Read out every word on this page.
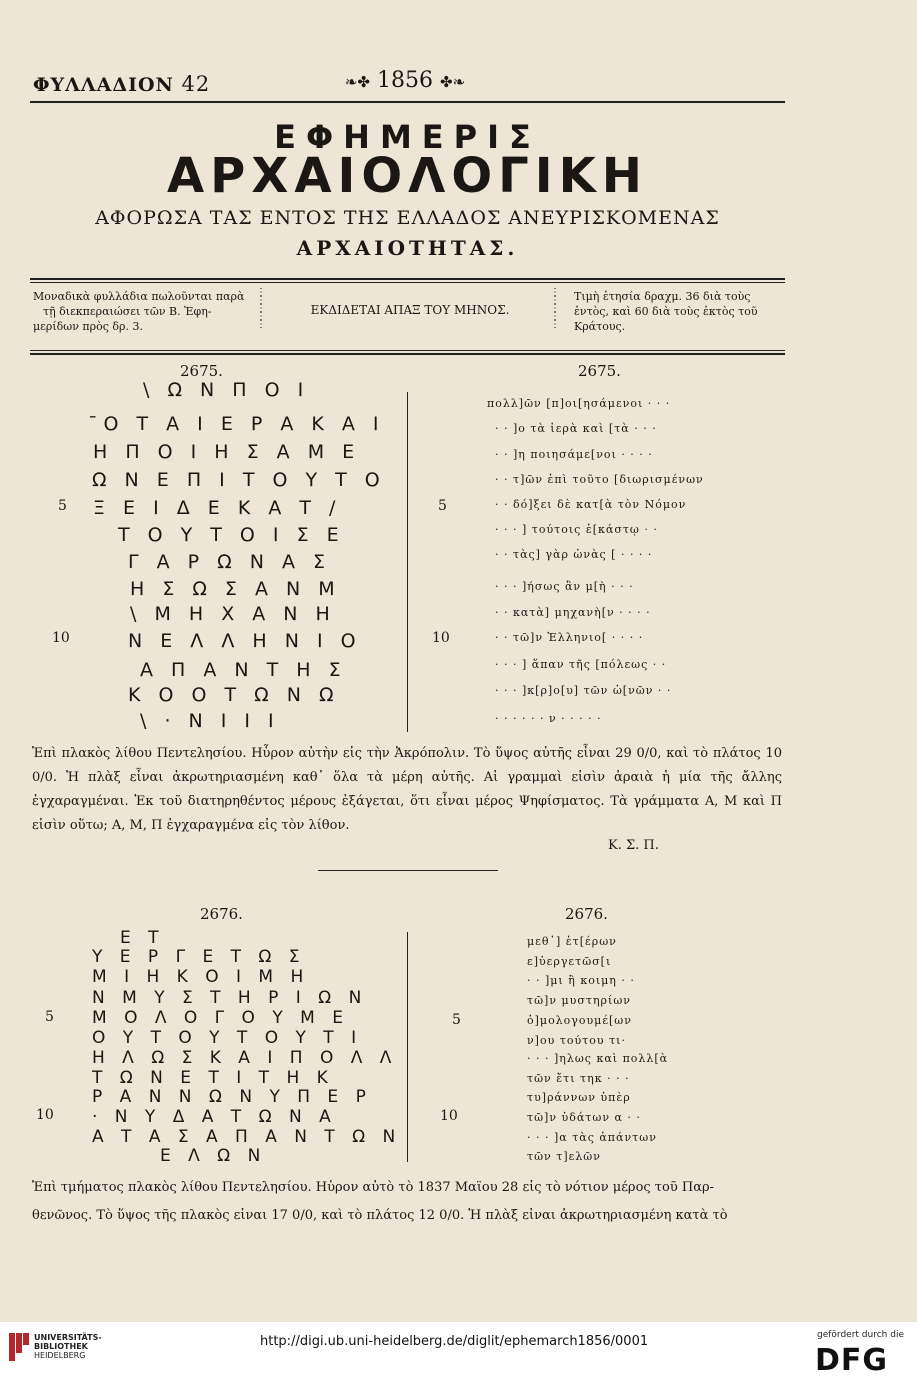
ΦΥΛΛΑΔΙΟΝ 42	❧✤ 1856 ✤❧
ΕΦΗΜΕΡΙΣ
ΑΡΧΑΙΟΛΟΓΙΚΗ
ΑΦΟΡΩΣΑ ΤΑΣ ΕΝΤΟΣ ΤΗΣ ΕΛΛΑΔΟΣ ΑΝΕΥΡΙΣΚΟΜΕΝΑΣ
ΑΡΧΑΙΟΤΗΤΑΣ.
Μοναδικὰ φυλλάδια πωλοῦνται παρὰ
τῇ διεκπεραιώσει τῶν Β. Ἐφη-
μερίδων πρὸς δρ. 3.
⋮
⋮
⋮
⋮
⋮
ΕΚΔΙΔΕΤΑΙ ΑΠΑΞ ΤΟΥ ΜΗΝΟΣ.
⋮
⋮
⋮
⋮
⋮
Τιμὴ ἐτησία δραχμ. 36 διὰ τοὺς
ἐντὸς, καὶ 60 διὰ τοὺς ἐκτὸς τοῦ
Κράτους.
2675.	2675.
5
10
5
10
\ Ω Ν Π Ο Ι
¯Ο Τ Α Ι Ε Ρ Α Κ Α Ι
Η Π Ο Ι Η Σ Α Μ Ε
Ω Ν Ε Π Ι Τ Ο Υ Τ Ο
Ξ Ε Ι Δ Ε Κ Α Τ /
Τ Ο Υ Τ Ο Ι Σ Ε
Γ Α Ρ Ω Ν Α Σ
Η Σ Ω Σ Α Ν Μ
\ Μ Η Χ Α Ν Η
Ν Ε Λ Λ Η Ν Ι Ο
Α Π Α Ν Τ Η Σ
Κ Ο Ο Τ Ω Ν Ω
\ · Ν Ι Ι Ι
πολλ]ῶν [π]οι[ησάμενοι · · ·
· · ]ο τὰ ἱερὰ καὶ [τὰ · · ·
· · ]η ποιησάμε[νοι · · · ·
· · τ]ῶν ἐπὶ τοῦτο [διωρισμένων
· · δό]ξει δὲ κατ[ὰ τὸν Νόμον
· · · ] τούτοις ἑ[κάστῳ · ·
· · τὰς] γὰρ ὠνὰς [ · · · ·
· · · ]ήσως ἂν μ[ὴ · · ·
· · κατὰ] μηχανὴ[ν · · · ·
· · τῶ]ν Ἑλληνιο[ · · · ·
· · · ] ἅπαν τῆς [πόλεως · ·
· · · ]κ[ρ]ο[υ] τῶν ὠ[νῶν · ·
· · · · · · ν · · · · ·
Ἐπὶ πλακὸς λίθου Πεντελησίου. Ηὗρον αὐτὴν εἰς τὴν Ἀκρόπολιν. Τὸ ὕψος αὐτῆς εἶναι 29 0/0, καὶ τὸ πλάτος 10 0/0. Ἡ πλὰξ εἶναι ἀκρωτηριασμένη καθ᾽ ὅλα τὰ μέρη αὐτῆς. Αἱ γραμμαὶ εἰσὶν ἀραιὰ ἡ μία τῆς ἄλλης ἐγχαραγμέναι. Ἐκ τοῦ διατηρηθέντος μέρους ἐξάγεται, ὅτι εἶναι μέρος Ψηφίσματος. Τὰ γράμματα Α, Μ καὶ Π εἰσὶν οὕτω; Α, Μ, Π ἐγχαραγμένα εἰς τὸν λίθον.
Κ. Σ. Π.
2676.	2676.
5
10
5
10
Ε Τ
Υ Ε Ρ Γ Ε Τ Ω Σ
Μ Ι Η Κ Ο Ι Μ Η
Ν Μ Υ Σ Τ Η Ρ Ι Ω Ν
Μ Ο Λ Ο Γ Ο Υ Μ Ε
Ο Υ Τ Ο Υ Τ Ο Υ Τ Ι
Η Λ Ω Σ Κ Α Ι Π Ο Λ Λ
Τ Ω Ν Ε Τ Ι Τ Η Κ
Ρ Α Ν Ν Ω Ν Υ Π Ε Ρ
· Ν Υ Δ Α Τ Ω Ν Α
Α Τ Α Σ Α Π Α Ν Τ Ω Ν
Ε Λ Ω Ν
μεθ᾽] ἑτ[έρων
ε]ὐεργετῶσ[ι
· · ]μι ἢ κοιμη · ·
τῶ]ν μυστηρίων
ὁ]μολογουμέ[ων
ν]ου τούτου τι·
· · · ]ηλως καὶ πολλ[ὰ
τῶν ἔτι τηκ · · ·
τυ]ράννων ὑπὲρ
τῶ]ν ὑδάτων α · ·
· · · ]α τὰς ἁπάντων
τῶν τ]ελῶν
Ἐπὶ τμήματος πλακὸς λίθου Πεντελησίου. Ηὗρον αὐτὸ τὸ 1837 Μαΐου 28 εἰς τὸ νότιον μέρος τοῦ Παρ-
θενῶνος. Τὸ ὕψος τῆς πλακὸς εἶναι 17 0/0, καὶ τὸ πλάτος 12 0/0. Ἡ πλὰξ εἶναι ἀκρωτηριασμένη κατὰ τὸ
UNIVERSITÄTS-
BIBLIOTHEK
HEIDELBERG
http://digi.ub.uni-heidelberg.de/diglit/ephemarch1856/0001	gefördert durch die
DFG
